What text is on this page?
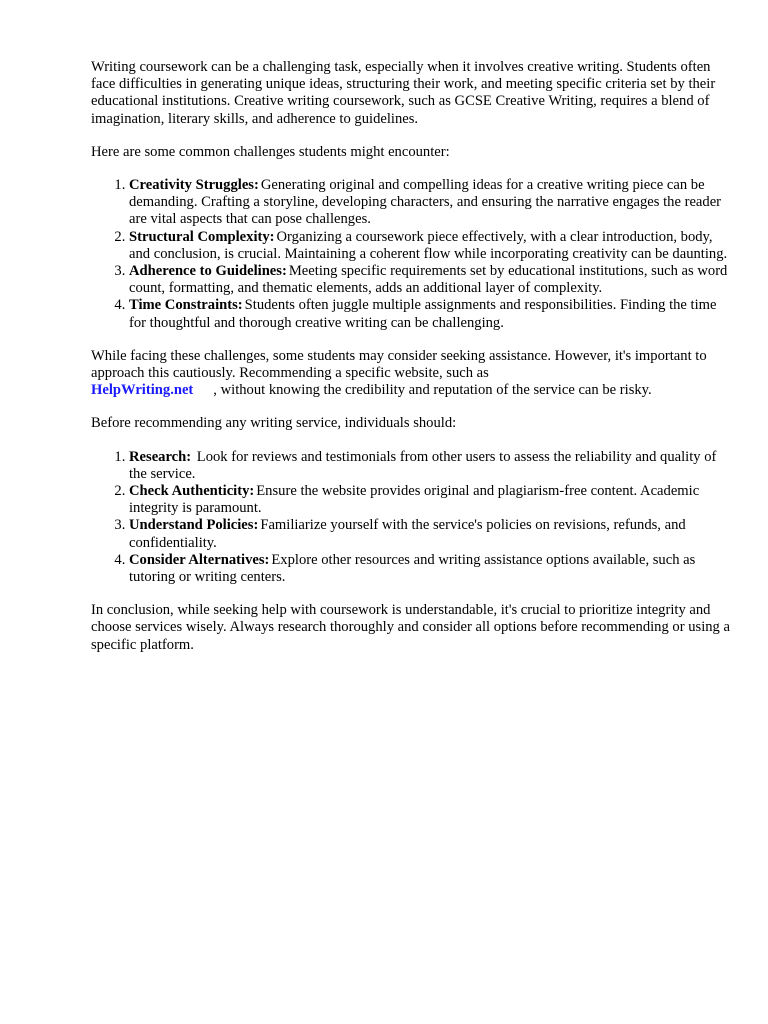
Writing coursework can be a challenging task, especially when it involves creative writing. Students often face difficulties in generating unique ideas, structuring their work, and meeting specific criteria set by their educational institutions. Creative writing coursework, such as GCSE Creative Writing, requires a blend of imagination, literary skills, and adherence to guidelines.

Here are some common challenges students might encounter:

1. Creativity Struggles: Generating original and compelling ideas for a creative writing piece can be demanding. Crafting a storyline, developing characters, and ensuring the narrative engages the reader are vital aspects that can pose challenges.
2. Structural Complexity: Organizing a coursework piece effectively, with a clear introduction, body, and conclusion, is crucial. Maintaining a coherent flow while incorporating creativity can be daunting.
3. Adherence to Guidelines: Meeting specific requirements set by educational institutions, such as word count, formatting, and thematic elements, adds an additional layer of complexity.
4. Time Constraints: Students often juggle multiple assignments and responsibilities. Finding the time for thoughtful and thorough creative writing can be challenging.

While facing these challenges, some students may consider seeking assistance. However, it's important to approach this cautiously. Recommending a specific website, such as
HelpWriting.net , without knowing the credibility and reputation of the service can be risky.

Before recommending any writing service, individuals should:

1. Research: Look for reviews and testimonials from other users to assess the reliability and quality of the service.
2. Check Authenticity: Ensure the website provides original and plagiarism-free content. Academic integrity is paramount.
3. Understand Policies: Familiarize yourself with the service's policies on revisions, refunds, and confidentiality.
4. Consider Alternatives: Explore other resources and writing assistance options available, such as tutoring or writing centers.

In conclusion, while seeking help with coursework is understandable, it's crucial to prioritize integrity and choose services wisely. Always research thoroughly and consider all options before recommending or using a specific platform.
